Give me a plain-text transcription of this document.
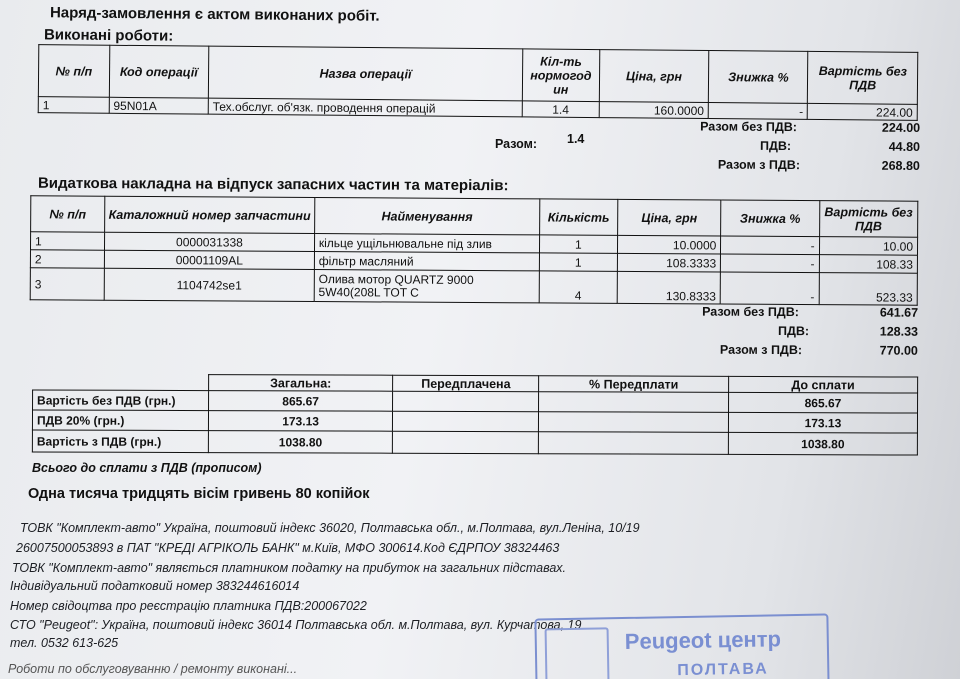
Наряд-замовлення є актом виконаних робіт.
Виконані роботи:
№ п/п	Код операції	Назва операції	Кіл-ть нормогод ин	Ціна, грн	Знижка %	Вартість без ПДВ
1	95N01A	Тех.обслуг. об'язк. проводення операцій	1.4	160.0000	-	224.00
Разом: 1.4
Разом без ПДВ:	224.00
ПДВ:	44.80
Разом з ПДВ:	268.80
Видаткова накладна на відпуск запасних частин та матеріалів:
№ п/п	Каталожний номер запчастини	Найменування	Кількість	Ціна, грн	Знижка %	Вартість без ПДВ
1	0000031338	кільце ущільнювальне під злив	1	10.0000	-	10.00
2	00001109AL	фільтр масляний	1	108.3333	-	108.33
3	1104742se1	Олива мотор QUARTZ 9000 5W40(208L TOT C	4	130.8333	-	523.33
Разом без ПДВ:	641.67
ПДВ:	128.33
Разом з ПДВ:	770.00
	Загальна:	Передплачена	% Передплати	До сплати
Вартість без ПДВ (грн.)	865.67			865.67
ПДВ 20% (грн.)	173.13			173.13
Вартість з ПДВ (грн.)	1038.80			1038.80
Всього до сплати з ПДВ (прописом)
Одна тисяча тридцять вісім гривень 80 копійок
ТОВК "Комплект-авто" Україна, поштовий індекс 36020, Полтавська обл., м.Полтава, вул.Леніна, 10/19
26007500053893 в ПАТ "КРЕДІ АГРІКОЛЬ БАНК" м.Київ, МФО 300614.Код ЄДРПОУ 38324463
ТОВК "Комплект-авто" являється платником податку на прибуток на загальних підставах.
Індивідуальний податковий номер 383244616014
Номер свідоцтва про реєстрацію платника ПДВ:200067022
СТО "Peugeot": Україна, поштовий індекс 36014 Полтавська обл. м.Полтава, вул. Курчатова, 19
тел. 0532 613-625
Роботи по обслуговуванню / ремонту виконані...
Peugeot центр
ПОЛТАВА
